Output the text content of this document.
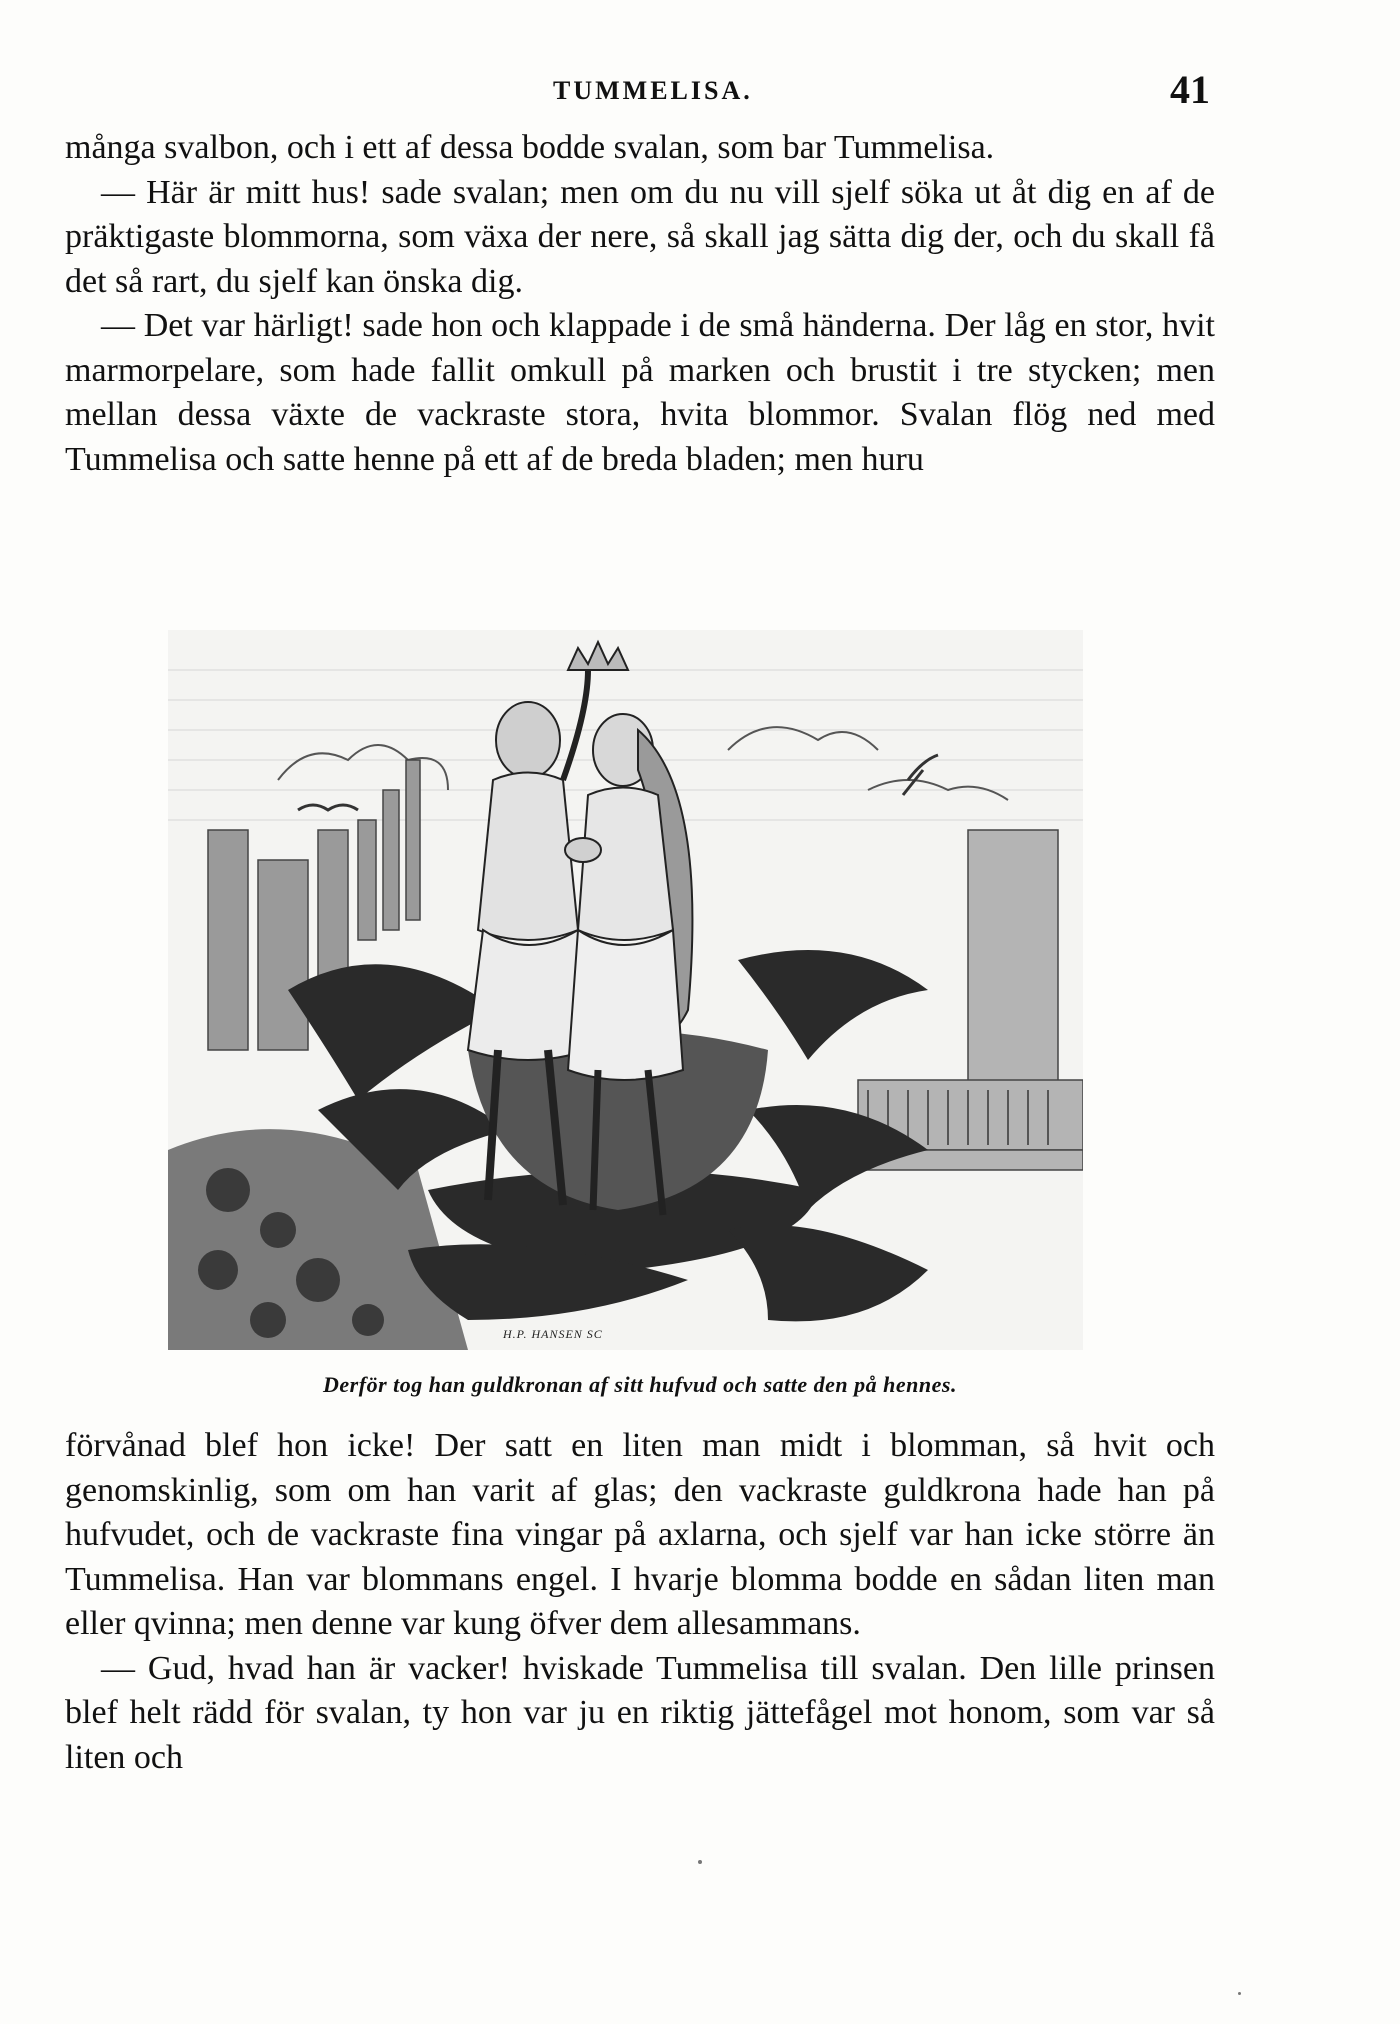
TUMMELISA.	41

många svalbon, och i ett af dessa bodde svalan, som bar Tummelisa.

— Här är mitt hus! sade svalan; men om du nu vill sjelf söka ut åt dig en af de präktigaste blommorna, som växa der nere, så skall jag sätta dig der, och du skall få det så rart, du sjelf kan önska dig.

— Det var härligt! sade hon och klappade i de små händerna. Der låg en stor, hvit marmorpelare, som hade fallit omkull på marken och brustit i tre stycken; men mellan dessa växte de vackraste stora, hvita blommor. Svalan flög ned med Tummelisa och satte henne på ett af de breda bladen; men huru

H.P. HANSEN SC
Derför tog han guldkronan af sitt hufvud och satte den på hennes.

förvånad blef hon icke! Der satt en liten man midt i blomman, så hvit och genomskinlig, som om han varit af glas; den vackraste guldkrona hade han på hufvudet, och de vackraste fina vingar på axlarna, och sjelf var han icke större än Tummelisa. Han var blommans engel. I hvarje blomma bodde en sådan liten man eller qvinna; men denne var kung öfver dem allesammans.

— Gud, hvad han är vacker! hviskade Tummelisa till svalan. Den lille prinsen blef helt rädd för svalan, ty hon var ju en riktig jättefågel mot honom, som var så liten och
